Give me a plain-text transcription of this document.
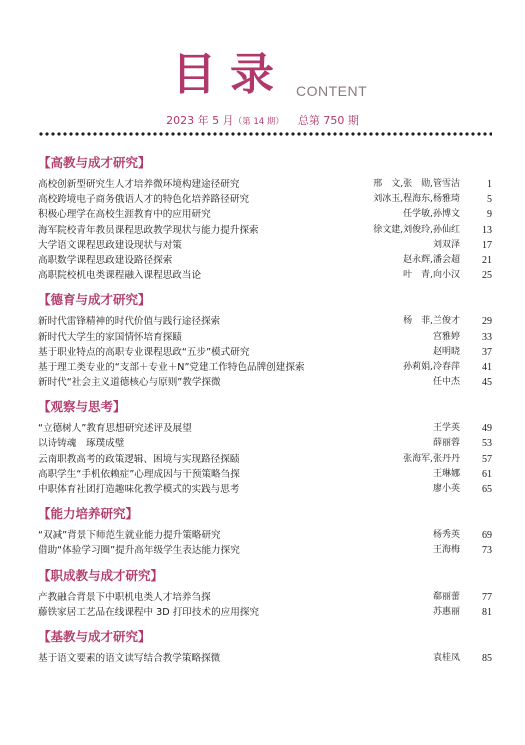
目录 CONTENT
2023 年 5 月（第 14 期） 总第 750 期
【高教与成才研究】
高校创新型研究生人才培养微环境构建途径研究	邢　文,张　勋,管雪洁	1
高校跨境电子商务俄语人才的特色化培养路径研究	刘冰玉,程海东,杨雅琦	5
积极心理学在高校生涯教育中的应用研究	任学敏,孙博文	9
海军院校青年教员课程思政教学现状与能力提升探索	徐文建,刘俊玲,孙仙红	13
大学语文课程思政建设现状与对策	刘双泽	17
高职数学课程思政建设路径探索	赵永辉,潘会超	21
高职院校机电类课程融入课程思政当论	叶　青,向小汉	25
【德育与成才研究】
新时代雷锋精神的时代价值与践行途径探索	杨　菲,兰俊才	29
新时代大学生的家国情怀培育探赜	宫雅婷	33
基于职业特点的高职专业课程思政“五步”模式研究	赵明晓	37
基于理工类专业的“支部＋专业＋N”党建工作特色品牌创建探索	孙莉娟,冷春萍	41
新时代“社会主义道德核心与原则”教学探微	任中杰	45
【观察与思考】
“立德树人”教育思想研究述评及展望	王学英	49
以诗铸魂　琢璞成璧	薛丽蓉	53
云南职教高考的政策逻辑、困境与实现路径探赜	张海军,张丹丹	57
高职学生“手机依赖症”心理成因与干预策略刍探	王琳娜	61
中职体育社团打造趣味化教学模式的实践与思考	廖小英	65
【能力培养研究】
“双减”背景下师范生就业能力提升策略研究	杨秀英	69
借助“体验学习圈”提升高年级学生表达能力探究	王海梅	73
【职成教与成才研究】
产教融合背景下中职机电类人才培养刍探	郗丽蕾	77
藤铁家居工艺品在线课程中 3D 打印技术的应用探究	苏惠丽	81
【基教与成才研究】
基于语文要素的语文读写结合教学策略探微	袁桂凤	85
